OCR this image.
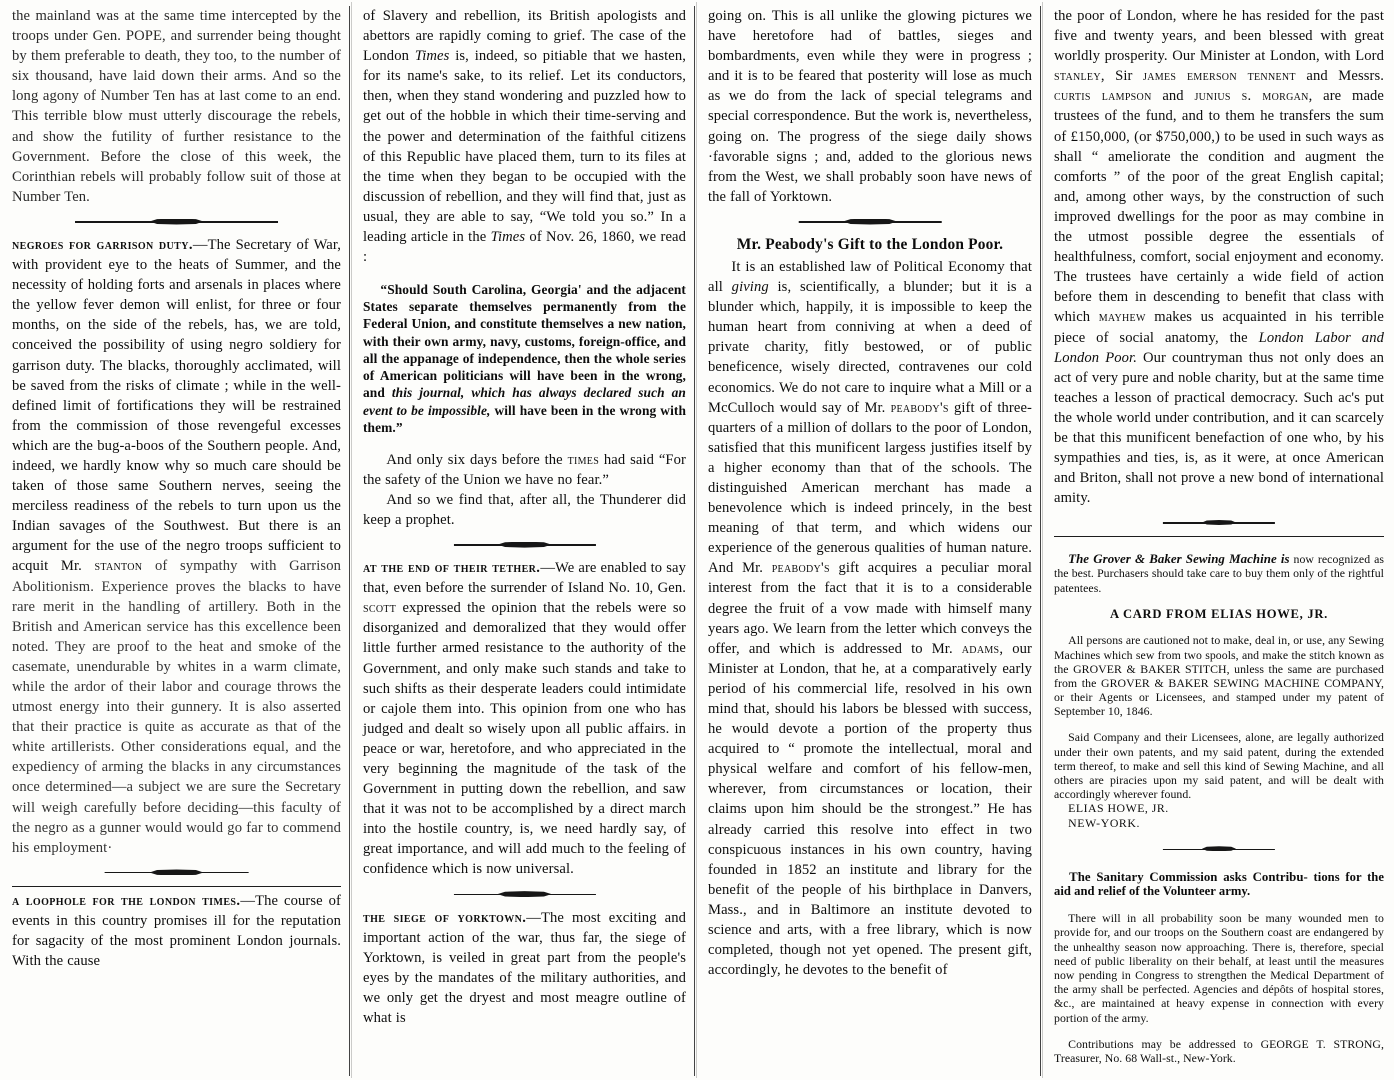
the mainland was at the same time intercepted by the troops under Gen. POPE, and surrender being thought by them preferable to death, they too, to the number of six thousand, have laid down their arms. And so the long agony of Number Ten has at last come to an end. This terrible blow must utterly discourage the rebels, and show the futility of further resistance to the Government. Before the close of this week, the Corinthian rebels will probably follow suit of those at Number Ten.

negroes for garrison duty.—The Secretary of War, with provident eye to the heats of Summer, and the necessity of holding forts and arsenals in places where the yellow fever demon will enlist, for three or four months, on the side of the rebels, has, we are told, conceived the possibility of using negro soldiery for garrison duty. The blacks, thoroughly acclimated, will be saved from the risks of climate ; while in the well-defined limit of fortifications they will be restrained from the commission of those revengeful excesses which are the bug-a-boos of the Southern people. And, indeed, we hardly know why so much care should be taken of those same Southern nerves, seeing the merciless readiness of the rebels to turn upon us the Indian savages of the Southwest. But there is an argument for the use of the negro troops sufficient to acquit Mr. stanton of sympathy with Garrison Abolitionism. Experience proves the blacks to have rare merit in the handling of artillery. Both in the British and American service has this excellence been noted. They are proof to the heat and smoke of the casemate, unendurable by whites in a warm climate, while the ardor of their labor and courage throws the utmost energy into their gunnery. It is also asserted that their practice is quite as accurate as that of the white artillerists. Other considerations equal, and the expediency of arming the blacks in any circumstances once determined—a subject we are sure the Secretary will weigh carefully before deciding—this faculty of the negro as a gunner would would go far to commend his employment·

a loophole for the london times.—The course of events in this country promises ill for the reputation for sagacity of the most prominent London journals. With the cause

of Slavery and rebellion, its British apologists and abettors are rapidly coming to grief. The case of the London Times is, indeed, so pitiable that we hasten, for its name's sake, to its relief. Let its conductors, then, when they stand wondering and puzzled how to get out of the hobble in which their time-serving and the power and determination of the faithful citizens of this Republic have placed them, turn to its files at the time when they began to be occupied with the discussion of rebellion, and they will find that, just as usual, they are able to say, “We told you so.” In a leading article in the Times of Nov. 26, 1860, we read :

“Should South Carolina, Georgia' and the adjacent States separate themselves permanently from the Federal Union, and constitute themselves a new nation, with their own army, navy, customs, foreign-office, and all the appanage of independence, then the whole series of American politicians will have been in the wrong, and this journal, which has always declared such an event to be impossible, will have been in the wrong with them.”

And only six days before the times had said “For the safety of the Union we have no fear.”

And so we find that, after all, the Thunderer did keep a prophet.

at the end of their tether.—We are enabled to say that, even before the surrender of Island No. 10, Gen. scott expressed the opinion that the rebels were so disorganized and demoralized that they would offer little further armed resistance to the authority of the Government, and only make such stands and take to such shifts as their desperate leaders could intimidate or cajole them into. This opinion from one who has judged and dealt so wisely upon all public affairs. in peace or war, heretofore, and who appreciated in the very beginning the magnitude of the task of the Government in putting down the rebellion, and saw that it was not to be accomplished by a direct march into the hostile country, is, we need hardly say, of great importance, and will add much to the feeling of confidence which is now universal.

the siege of yorktown.—The most exciting and important action of the war, thus far, the siege of Yorktown, is veiled in great part from the people's eyes by the mandates of the military authorities, and we only get the dryest and most meagre outline of what is

going on. This is all unlike the glowing pictures we have heretofore had of battles, sieges and bombardments, even while they were in progress ; and it is to be feared that posterity will lose as much as we do from the lack of special telegrams and special correspondence. But the work is, nevertheless, going on. The progress of the siege daily shows ·favorable signs ; and, added to the glorious news from the West, we shall probably soon have news of the fall of Yorktown.

Mr. Peabody's Gift to the London Poor.

It is an established law of Political Economy that all giving is, scientifically, a blunder; but it is a blunder which, happily, it is impossible to keep the human heart from conniving at when a deed of private charity, fitly bestowed, or of public beneficence, wisely directed, contravenes our cold economics. We do not care to inquire what a Mill or a McCulloch would say of Mr. peabody's gift of three-quarters of a million of dollars to the poor of London, satisfied that this munificent largess justifies itself by a higher economy than that of the schools. The distinguished American merchant has made a benevolence which is indeed princely, in the best meaning of that term, and which widens our experience of the generous qualities of human nature. And Mr. peabody's gift acquires a peculiar moral interest from the fact that it is to a considerable degree the fruit of a vow made with himself many years ago. We learn from the letter which conveys the offer, and which is addressed to Mr. adams, our Minister at London, that he, at a comparatively early period of his commercial life, resolved in his own mind that, should his labors be blessed with success, he would devote a portion of the property thus acquired to “ promote the intellectual, moral and physical welfare and comfort of his fellow-men, wherever, from circumstances or location, their claims upon him should be the strongest.” He has already carried this resolve into effect in two conspicuous instances in his own country, having founded in 1852 an institute and library for the benefit of the people of his birthplace in Danvers, Mass., and in Baltimore an institute devoted to science and arts, with a free library, which is now completed, though not yet opened. The present gift, accordingly, he devotes to the benefit of

the poor of London, where he has resided for the past five and twenty years, and been blessed with great worldly prosperity. Our Minister at London, with Lord stanley, Sir james emerson tennent and Messrs. curtis lampson and junius s. morgan, are made trustees of the fund, and to them he transfers the sum of £150,000, (or $750,000,) to be used in such ways as shall “ ameliorate the condition and augment the comforts ” of the poor of the great English capital; and, among other ways, by the construction of such improved dwellings for the poor as may combine in the utmost possible degree the essentials of healthfulness, comfort, social enjoyment and economy. The trustees have certainly a wide field of action before them in descending to benefit that class with which mayhew makes us acquainted in his terrible piece of social anatomy, the London Labor and London Poor. Our countryman thus not only does an act of very pure and noble charity, but at the same time teaches a lesson of practical democracy. Such ac's put the whole world under contribution, and it can scarcely be that this munificent benefaction of one who, by his sympathies and ties, is, as it were, at once American and Briton, shall not prove a new bond of international amity.

The Grover & Baker Sewing Machine is now recognized as the best. Purchasers should take care to buy them only of the rightful patentees.

A CARD FROM ELIAS HOWE, JR.

All persons are cautioned not to make, deal in, or use, any Sewing Machines which sew from two spools, and make the stitch known as the GROVER & BAKER STITCH, unless the same are purchased from the GROVER & BAKER SEWING MACHINE COMPANY, or their Agents or Licensees, and stamped under my patent of September 10, 1846.

Said Company and their Licensees, alone, are legally authorized under their own patents, and my said patent, during the extended term thereof, to make and sell this kind of Sewing Machine, and all others are piracies upon my said patent, and will be dealt with accordingly wherever found.
ELIAS HOWE, JR.
NEW-YORK.

The Sanitary Commission asks Contribu- tions for the aid and relief of the Volunteer army.

There will in all probability soon be many wounded men to provide for, and our troops on the Southern coast are endangered by the unhealthy season now approaching. There is, therefore, special need of public liberality on their behalf, at least until the measures now pending in Congress to strengthen the Medical Department of the army shall be perfected. Agencies and dépôts of hospital stores, &c., are maintained at heavy expense in connection with every portion of the army.

Contributions may be addressed to GEORGE T. STRONG, Treasurer, No. 68 Wall-st., New-York.
